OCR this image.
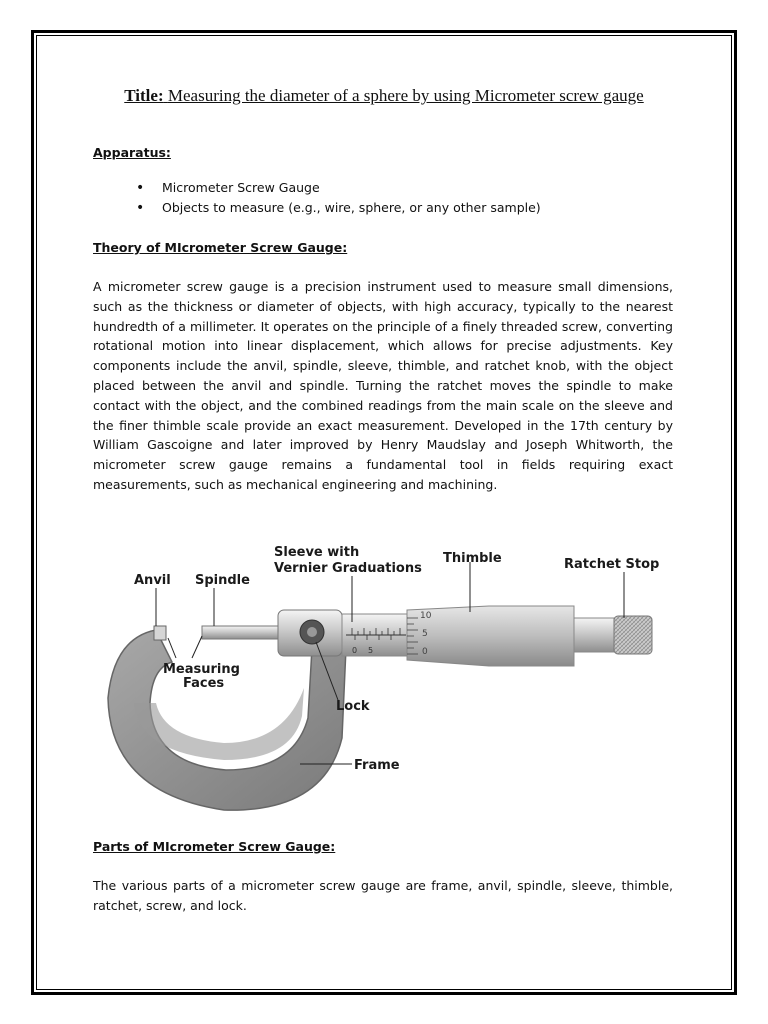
Title: Measuring the diameter of a sphere by using Micrometer screw gauge
Apparatus:
• Micrometer Screw Gauge
• Objects to measure (e.g., wire, sphere, or any other sample)
Theory of MIcrometer Screw Gauge:

A micrometer screw gauge is a precision instrument used to measure small dimensions, such as the thickness or diameter of objects, with high accuracy, typically to the nearest hundredth of a millimeter. It operates on the principle of a finely threaded screw, converting rotational motion into linear displacement, which allows for precise adjustments. Key components include the anvil, spindle, sleeve, thimble, and ratchet knob, with the object placed between the anvil and spindle. Turning the ratchet moves the spindle to make contact with the object, and the combined readings from the main scale on the sleeve and the finer thimble scale provide an exact measurement. Developed in the 17th century by William Gascoigne and later improved by Henry Maudslay and Joseph Whitworth, the micrometer screw gauge remains a fundamental tool in fields requiring exact measurements, such as mechanical engineering and machining.

0 5
10
5
0
Anvil Spindle
Sleeve with
Vernier Graduations
Thimble	Ratchet Stop
Measuring
Faces
Lock
Frame
Parts of MIcrometer Screw Gauge:

The various parts of a micrometer screw gauge are frame, anvil, spindle, sleeve, thimble, ratchet, screw, and lock.
